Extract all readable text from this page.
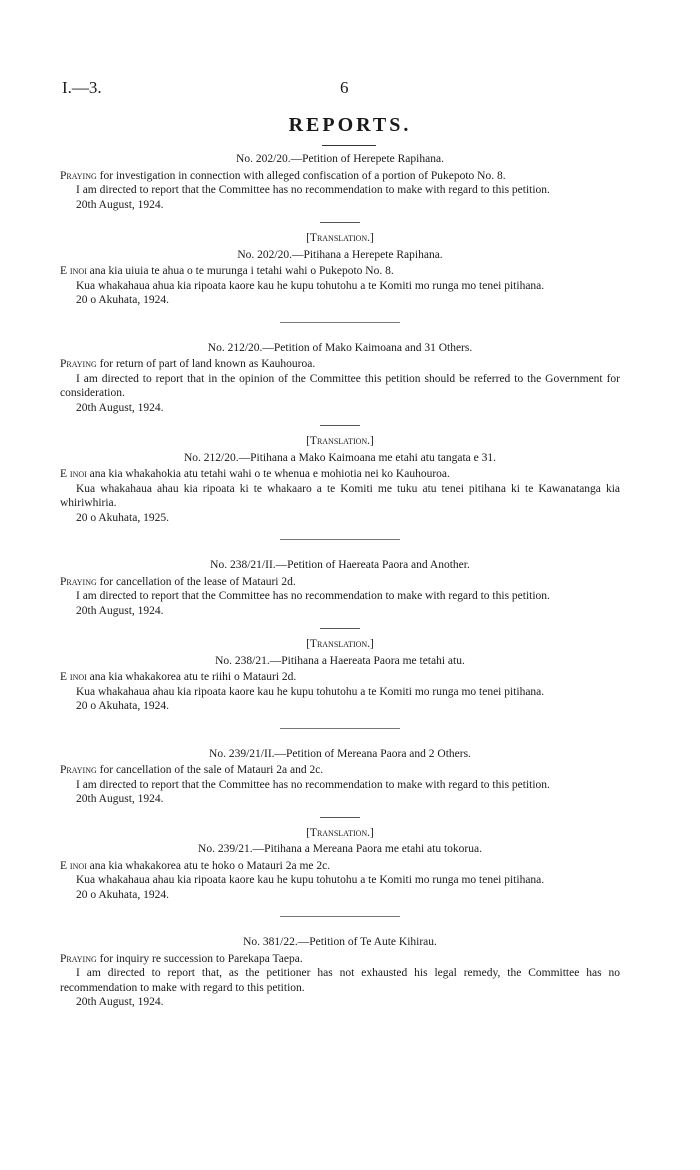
I.—3.	6
REPORTS.

No. 202/20.—Petition of Herepete Rapihana.

Praying for investigation in connection with alleged confiscation of a portion of Pukepoto No. 8.

I am directed to report that the Committee has no recommendation to make with regard to this petition.

20th August, 1924.

[Translation.]

No. 202/20.—Pitihana a Herepete Rapihana.

E inoi ana kia uiuia te ahua o te murunga i tetahi wahi o Pukepoto No. 8.

Kua whakahaua ahua kia ripoata kaore kau he kupu tohutohu a te Komiti mo runga mo tenei pitihana.

20 o Akuhata, 1924.

No. 212/20.—Petition of Mako Kaimoana and 31 Others.

Praying for return of part of land known as Kauhouroa.

I am directed to report that in the opinion of the Committee this petition should be referred to the Government for consideration.

20th August, 1924.

[Translation.]

No. 212/20.—Pitihana a Mako Kaimoana me etahi atu tangata e 31.

E inoi ana kia whakahokia atu tetahi wahi o te whenua e mohiotia nei ko Kauhouroa.

Kua whakahaua ahau kia ripoata ki te whakaaro a te Komiti me tuku atu tenei pitihana ki te Kawanatanga kia whiriwhiria.

20 o Akuhata, 1925.

No. 238/21/II.—Petition of Haereata Paora and Another.

Praying for cancellation of the lease of Matauri 2d.

I am directed to report that the Committee has no recommendation to make with regard to this petition.

20th August, 1924.

[Translation.]

No. 238/21.—Pitihana a Haereata Paora me tetahi atu.

E inoi ana kia whakakorea atu te riihi o Matauri 2d.

Kua whakahaua ahau kia ripoata kaore kau he kupu tohutohu a te Komiti mo runga mo tenei pitihana.

20 o Akuhata, 1924.

No. 239/21/II.—Petition of Mereana Paora and 2 Others.

Praying for cancellation of the sale of Matauri 2a and 2c.

I am directed to report that the Committee has no recommendation to make with regard to this petition.

20th August, 1924.

[Translation.]

No. 239/21.—Pitihana a Mereana Paora me etahi atu tokorua.

E inoi ana kia whakakorea atu te hoko o Matauri 2a me 2c.

Kua whakahaua ahau kia ripoata kaore kau he kupu tohutohu a te Komiti mo runga mo tenei pitihana.

20 o Akuhata, 1924.

No. 381/22.—Petition of Te Aute Kihirau.

Praying for inquiry re succession to Parekapa Taepa.

I am directed to report that, as the petitioner has not exhausted his legal remedy, the Committee has no recommendation to make with regard to this petition.

20th August, 1924.
